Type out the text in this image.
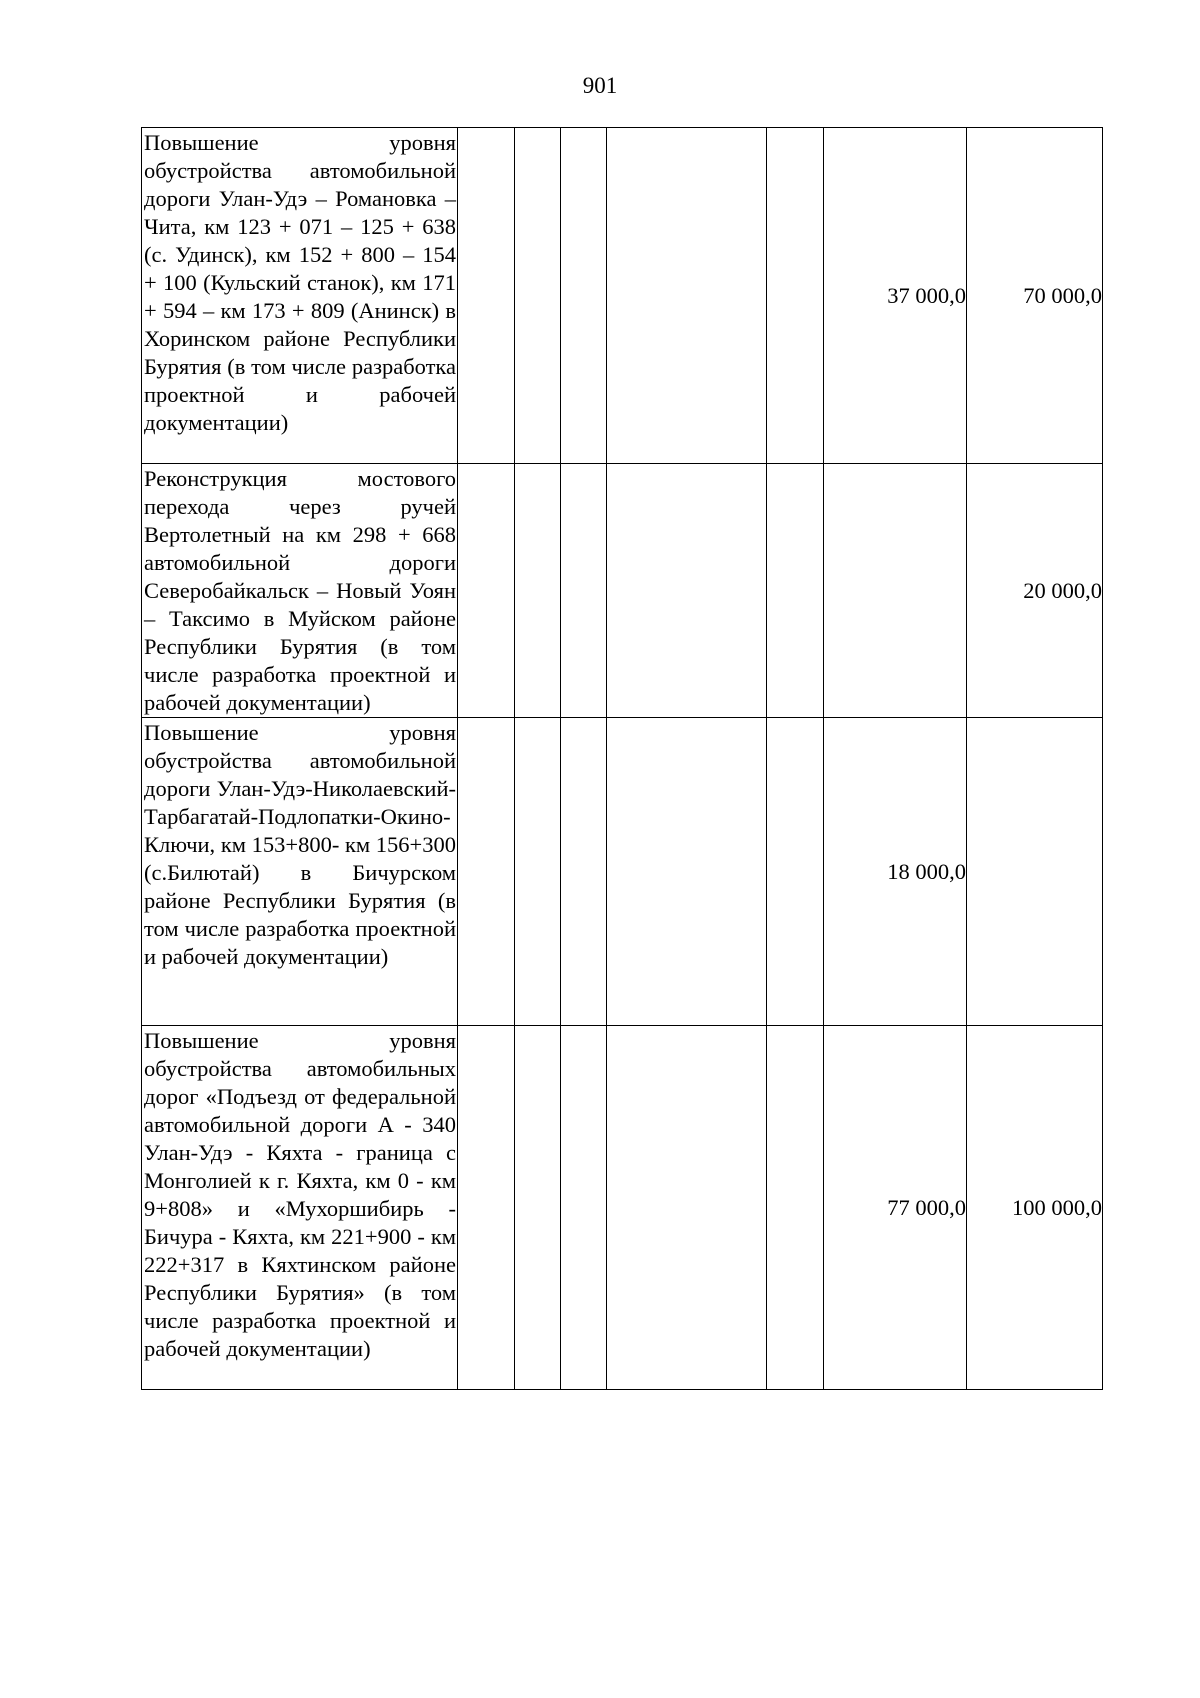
901
Повышение уровня обустройства автомобильной дороги Улан-Удэ – Романовка – Чита, км 123 + 071 – 125 + 638 (с. Удинск), км 152 + 800 – 154 + 100 (Кульский станок), км 171 + 594 – км 173 + 809 (Анинск) в Хоринском районе Республики Бурятия (в том числе разработка проектной и рабочей документации)						37 000,0	70 000,0
Реконструкция мостового перехода через ручей Вертолетный на км 298 + 668 автомобильной дороги Северобайкальск – Новый Уоян – Таксимо в Муйском районе Республики Бурятия (в том числе разработка проектной и рабочей документации)							20 000,0
Повышение уровня обустройства автомобильной дороги Улан-Удэ-Николаевский-Тарбагатай-Подлопатки-Окино-Ключи, км 153+800- км 156+300 (с.Билютай) в Бичурском районе Республики Бурятия (в том числе разработка проектной и рабочей документации)						18 000,0	
Повышение уровня обустройства автомобильных дорог «Подъезд от федеральной автомобильной дороги А - 340 Улан-Удэ - Кяхта - граница с Монголией к г. Кяхта, км 0 - км 9+808» и «Мухоршибирь - Бичура - Кяхта, км 221+900 - км 222+317 в Кяхтинском районе Республики Бурятия» (в том числе разработка проектной и рабочей документации)						77 000,0	100 000,0
